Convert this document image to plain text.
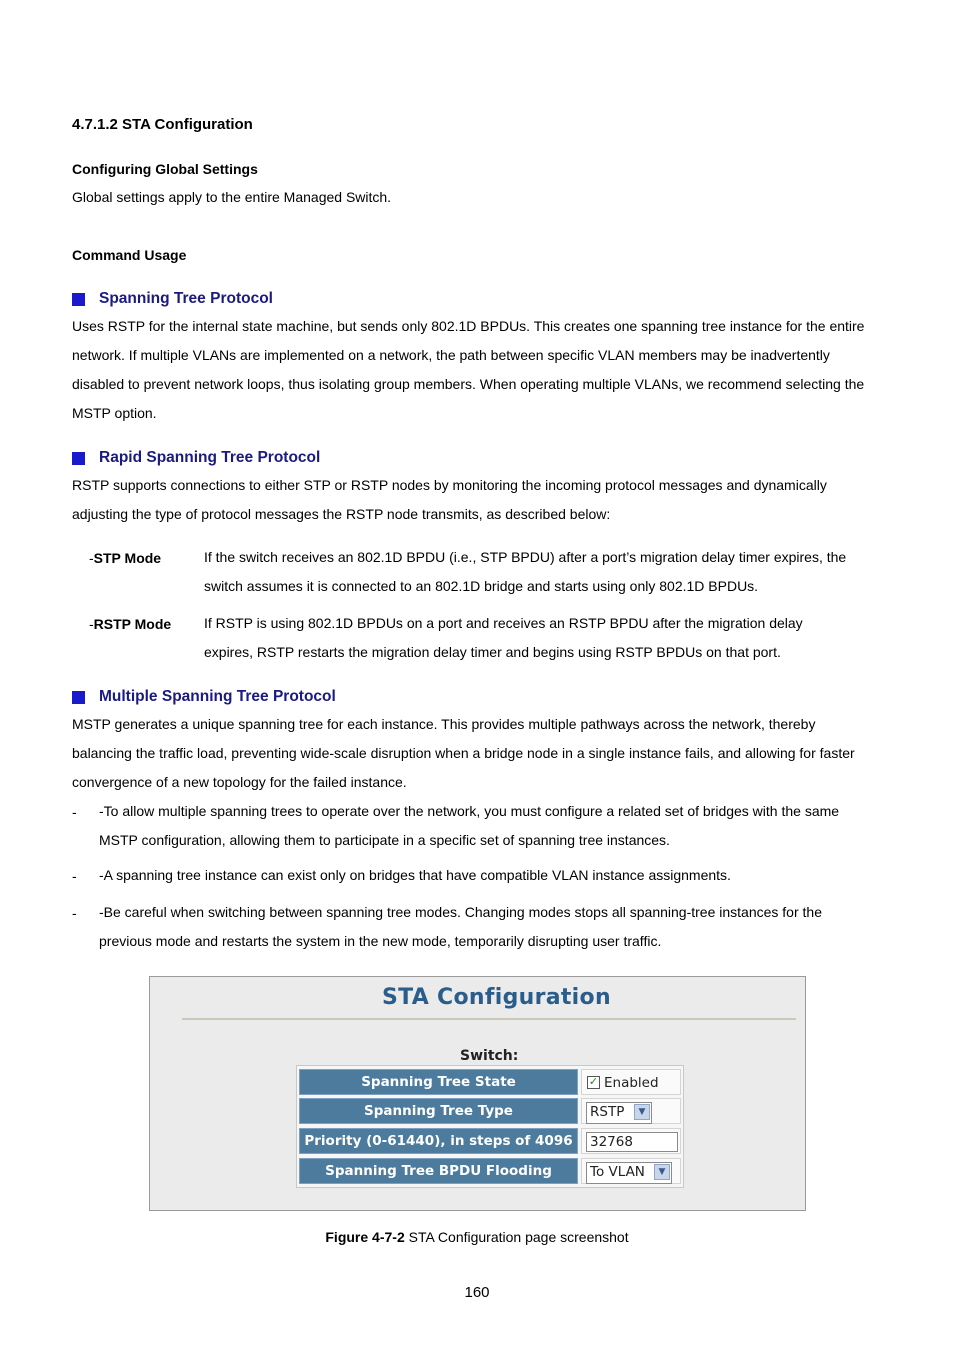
4.7.1.2 STA Configuration
Configuring Global Settings
Global settings apply to the entire Managed Switch.
Command Usage
Spanning Tree Protocol
Uses RSTP for the internal state machine, but sends only 802.1D BPDUs. This creates one spanning tree instance for the entire
network. If multiple VLANs are implemented on a network, the path between specific VLAN members may be inadvertently
disabled to prevent network loops, thus isolating group members. When operating multiple VLANs, we recommend selecting the
MSTP option.
Rapid Spanning Tree Protocol
RSTP supports connections to either STP or RSTP nodes by monitoring the incoming protocol messages and dynamically
adjusting the type of protocol messages the RSTP node transmits, as described below:
-STP Mode	If the switch receives an 802.1D BPDU (i.e., STP BPDU) after a port’s migration delay timer expires, the
switch assumes it is connected to an 802.1D bridge and starts using only 802.1D BPDUs.
-RSTP Mode If RSTP is using 802.1D BPDUs on a port and receives an RSTP BPDU after the migration delay
expires, RSTP restarts the migration delay timer and begins using RSTP BPDUs on that port.
Multiple Spanning Tree Protocol
MSTP generates a unique spanning tree for each instance. This provides multiple pathways across the network, thereby
balancing the traffic load, preventing wide-scale disruption when a bridge node in a single instance fails, and allowing for faster
convergence of a new topology for the failed instance.
- -To allow multiple spanning trees to operate over the network, you must configure a related set of bridges with the same
MSTP configuration, allowing them to participate in a specific set of spanning tree instances.
- -A spanning tree instance can exist only on bridges that have compatible VLAN instance assignments.
- -Be careful when switching between spanning tree modes. Changing modes stops all spanning-tree instances for the
previous mode and restarts the system in the new mode, temporarily disrupting user traffic.
STA Configuration
Switch:
Spanning Tree State	✓ Enabled
Spanning Tree Type	RSTP	▼
Priority (0-61440), in steps of 4096	32768
Spanning Tree BPDU Flooding	To VLAN	▼
Figure 4-7-2 STA Configuration page screenshot
160
